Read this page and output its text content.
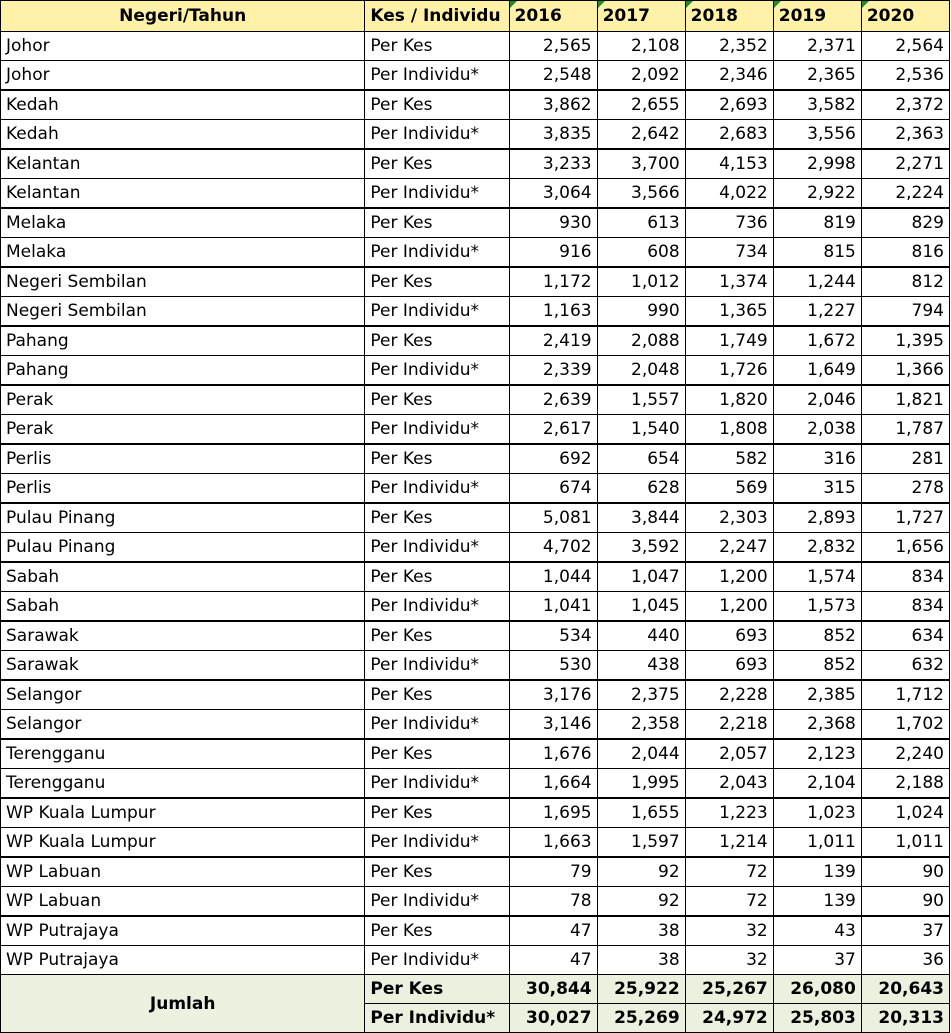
Negeri/Tahun	Kes / Individu	2016	2017	2018	2019	2020
Johor	Per Kes	2,565	2,108	2,352	2,371	2,564
Johor	Per Individu*	2,548	2,092	2,346	2,365	2,536
Kedah	Per Kes	3,862	2,655	2,693	3,582	2,372
Kedah	Per Individu*	3,835	2,642	2,683	3,556	2,363
Kelantan	Per Kes	3,233	3,700	4,153	2,998	2,271
Kelantan	Per Individu*	3,064	3,566	4,022	2,922	2,224
Melaka	Per Kes	930	613	736	819	829
Melaka	Per Individu*	916	608	734	815	816
Negeri Sembilan	Per Kes	1,172	1,012	1,374	1,244	812
Negeri Sembilan	Per Individu*	1,163	990	1,365	1,227	794
Pahang	Per Kes	2,419	2,088	1,749	1,672	1,395
Pahang	Per Individu*	2,339	2,048	1,726	1,649	1,366
Perak	Per Kes	2,639	1,557	1,820	2,046	1,821
Perak	Per Individu*	2,617	1,540	1,808	2,038	1,787
Perlis	Per Kes	692	654	582	316	281
Perlis	Per Individu*	674	628	569	315	278
Pulau Pinang	Per Kes	5,081	3,844	2,303	2,893	1,727
Pulau Pinang	Per Individu*	4,702	3,592	2,247	2,832	1,656
Sabah	Per Kes	1,044	1,047	1,200	1,574	834
Sabah	Per Individu*	1,041	1,045	1,200	1,573	834
Sarawak	Per Kes	534	440	693	852	634
Sarawak	Per Individu*	530	438	693	852	632
Selangor	Per Kes	3,176	2,375	2,228	2,385	1,712
Selangor	Per Individu*	3,146	2,358	2,218	2,368	1,702
Terengganu	Per Kes	1,676	2,044	2,057	2,123	2,240
Terengganu	Per Individu*	1,664	1,995	2,043	2,104	2,188
WP Kuala Lumpur	Per Kes	1,695	1,655	1,223	1,023	1,024
WP Kuala Lumpur	Per Individu*	1,663	1,597	1,214	1,011	1,011
WP Labuan	Per Kes	79	92	72	139	90
WP Labuan	Per Individu*	78	92	72	139	90
WP Putrajaya	Per Kes	47	38	32	43	37
WP Putrajaya	Per Individu*	47	38	32	37	36
Jumlah	Per Kes	30,844	25,922	25,267	26,080	20,643
	Per Individu*	30,027	25,269	24,972	25,803	20,313
